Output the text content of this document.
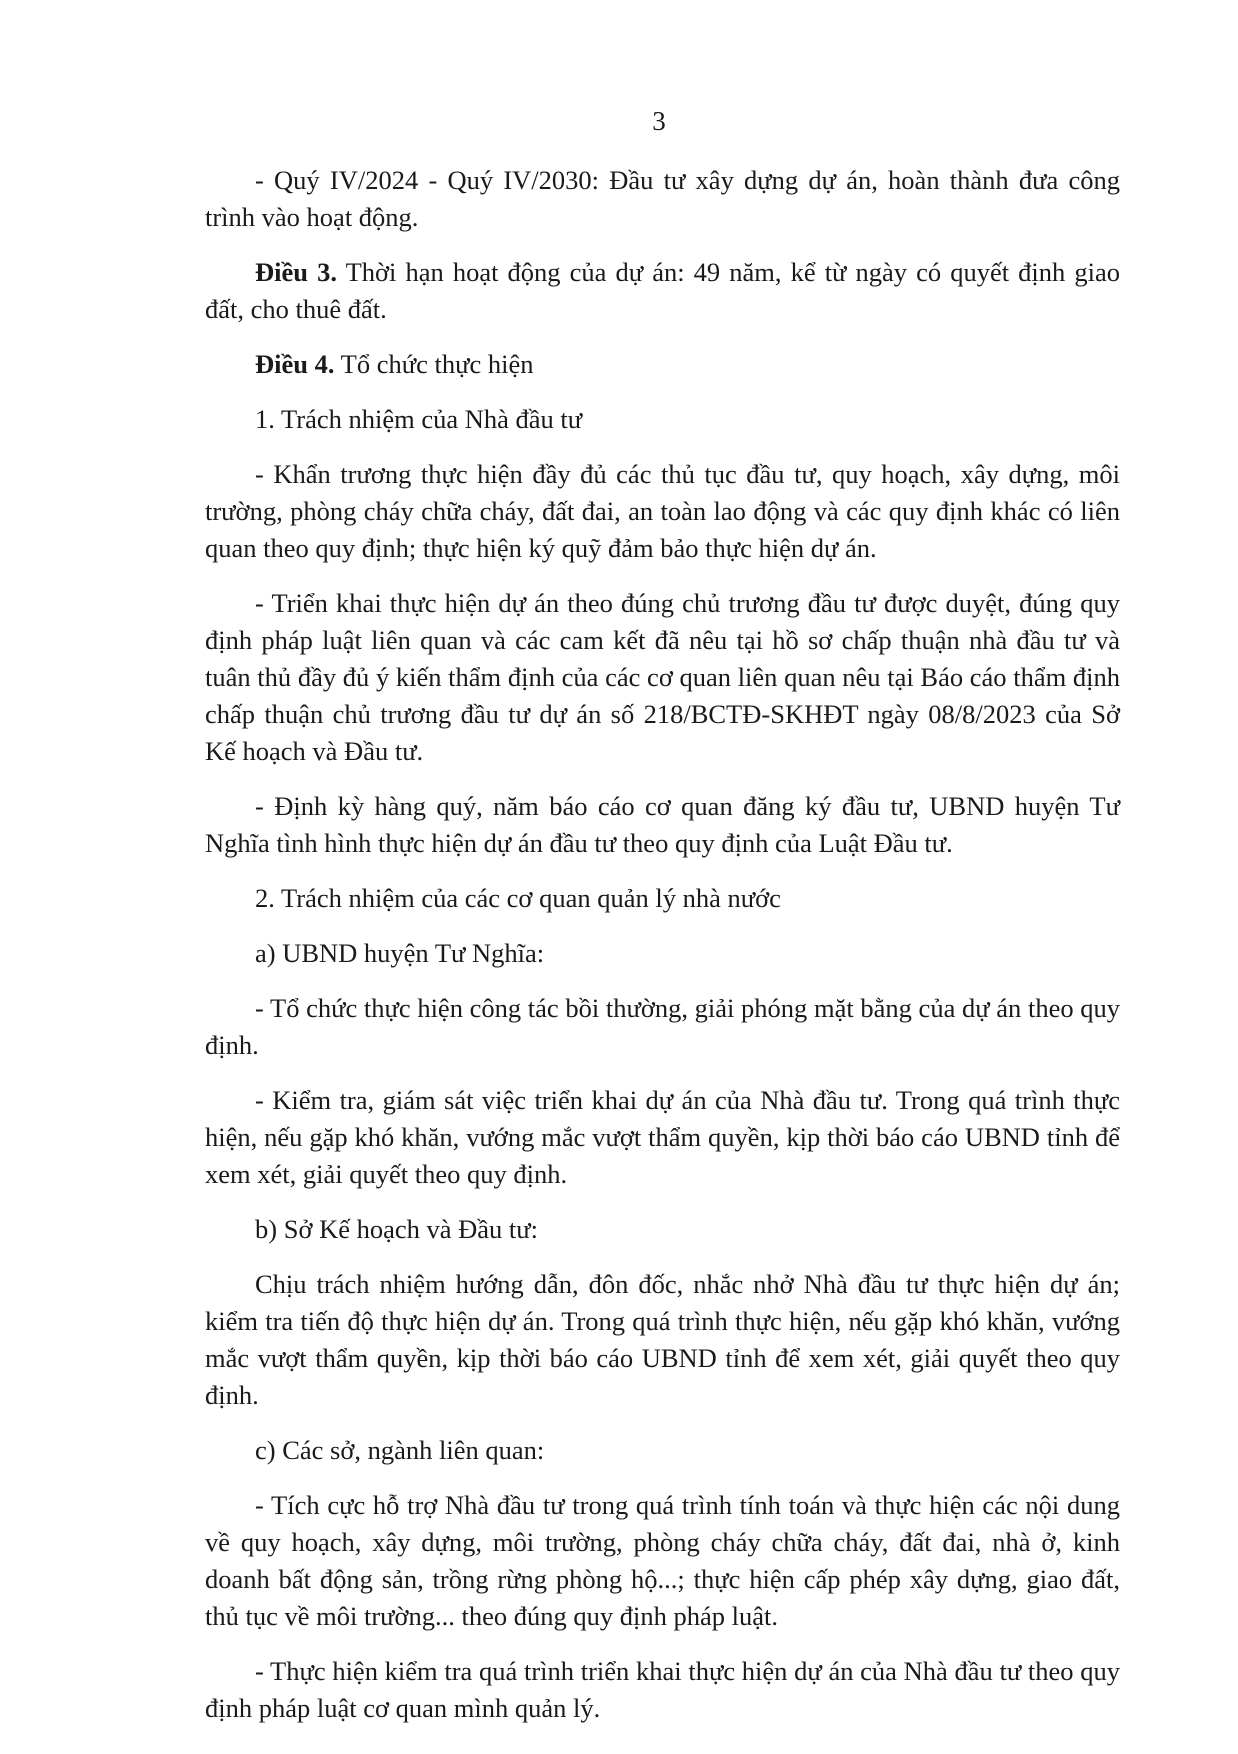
3

- Quý IV/2024 - Quý IV/2030: Đầu tư xây dựng dự án, hoàn thành đưa công trình vào hoạt động.

Điều 3. Thời hạn hoạt động của dự án: 49 năm, kể từ ngày có quyết định giao đất, cho thuê đất.

Điều 4. Tổ chức thực hiện

1. Trách nhiệm của Nhà đầu tư

- Khẩn trương thực hiện đầy đủ các thủ tục đầu tư, quy hoạch, xây dựng, môi trường, phòng cháy chữa cháy, đất đai, an toàn lao động và các quy định khác có liên quan theo quy định; thực hiện ký quỹ đảm bảo thực hiện dự án.

- Triển khai thực hiện dự án theo đúng chủ trương đầu tư được duyệt, đúng quy định pháp luật liên quan và các cam kết đã nêu tại hồ sơ chấp thuận nhà đầu tư và tuân thủ đầy đủ ý kiến thẩm định của các cơ quan liên quan nêu tại Báo cáo thẩm định chấp thuận chủ trương đầu tư dự án số 218/BCTĐ-SKHĐT ngày 08/8/2023 của Sở Kế hoạch và Đầu tư.

- Định kỳ hàng quý, năm báo cáo cơ quan đăng ký đầu tư, UBND huyện Tư Nghĩa tình hình thực hiện dự án đầu tư theo quy định của Luật Đầu tư.

2. Trách nhiệm của các cơ quan quản lý nhà nước

a) UBND huyện Tư Nghĩa:

- Tổ chức thực hiện công tác bồi thường, giải phóng mặt bằng của dự án theo quy định.

- Kiểm tra, giám sát việc triển khai dự án của Nhà đầu tư. Trong quá trình thực hiện, nếu gặp khó khăn, vướng mắc vượt thẩm quyền, kịp thời báo cáo UBND tỉnh để xem xét, giải quyết theo quy định.

b) Sở Kế hoạch và Đầu tư:

Chịu trách nhiệm hướng dẫn, đôn đốc, nhắc nhở Nhà đầu tư thực hiện dự án; kiểm tra tiến độ thực hiện dự án. Trong quá trình thực hiện, nếu gặp khó khăn, vướng mắc vượt thẩm quyền, kịp thời báo cáo UBND tỉnh để xem xét, giải quyết theo quy định.

c) Các sở, ngành liên quan:

- Tích cực hỗ trợ Nhà đầu tư trong quá trình tính toán và thực hiện các nội dung về quy hoạch, xây dựng, môi trường, phòng cháy chữa cháy, đất đai, nhà ở, kinh doanh bất động sản, trồng rừng phòng hộ...; thực hiện cấp phép xây dựng, giao đất, thủ tục về môi trường... theo đúng quy định pháp luật.

- Thực hiện kiểm tra quá trình triển khai thực hiện dự án của Nhà đầu tư theo quy định pháp luật cơ quan mình quản lý.
